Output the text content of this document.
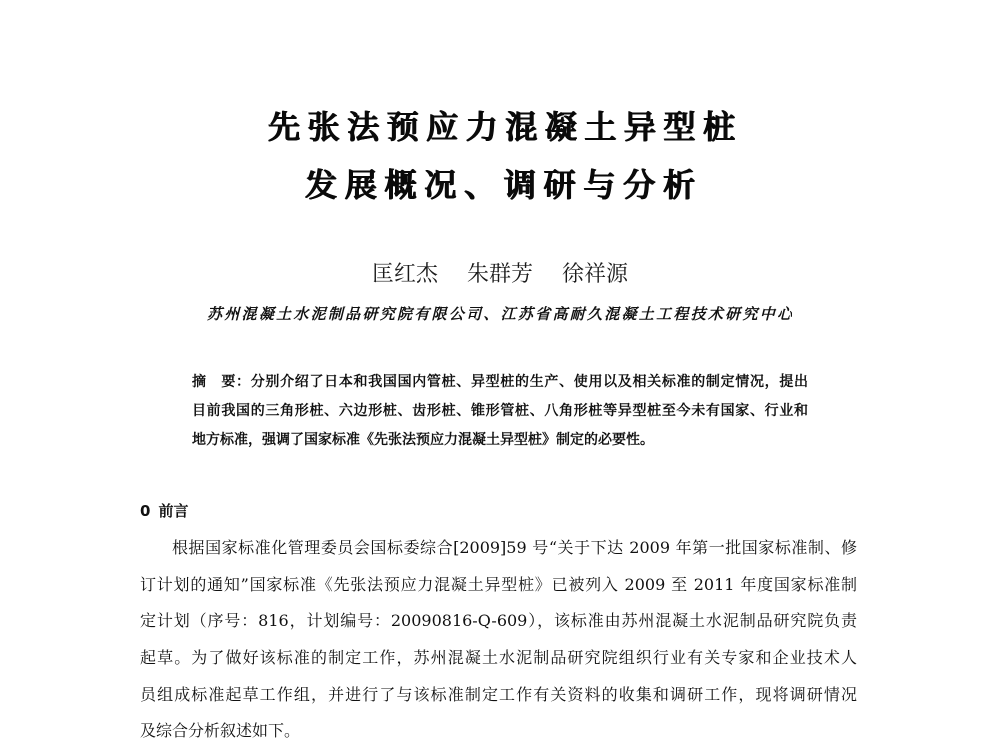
先张法预应力混凝土异型桩
发展概况、调研与分析
匡红杰 朱群芳 徐祥源
苏州混凝土水泥制品研究院有限公司、江苏省高耐久混凝土工程技术研究中心
摘　要：分别介绍了日本和我国国内管桩、异型桩的生产、使用以及相关标准的制定情况，提出
目前我国的三角形桩、六边形桩、齿形桩、锥形管桩、八角形桩等异型桩至今未有国家、行业和
地方标准，强调了国家标准《先张法预应力混凝土异型桩》制定的必要性。
0 前言
根据国家标准化管理委员会国标委综合[2009]59 号“关于下达 2009 年第一批国家标准制、修
订计划的通知”国家标准《先张法预应力混凝土异型桩》已被列入 2009 至 2011 年度国家标准制
定计划（序号：816，计划编号：20090816-Q-609），该标准由苏州混凝土水泥制品研究院负责
起草。为了做好该标准的制定工作，苏州混凝土水泥制品研究院组织行业有关专家和企业技术人
员组成标准起草工作组，并进行了与该标准制定工作有关资料的收集和调研工作，现将调研情况
及综合分析叙述如下。
